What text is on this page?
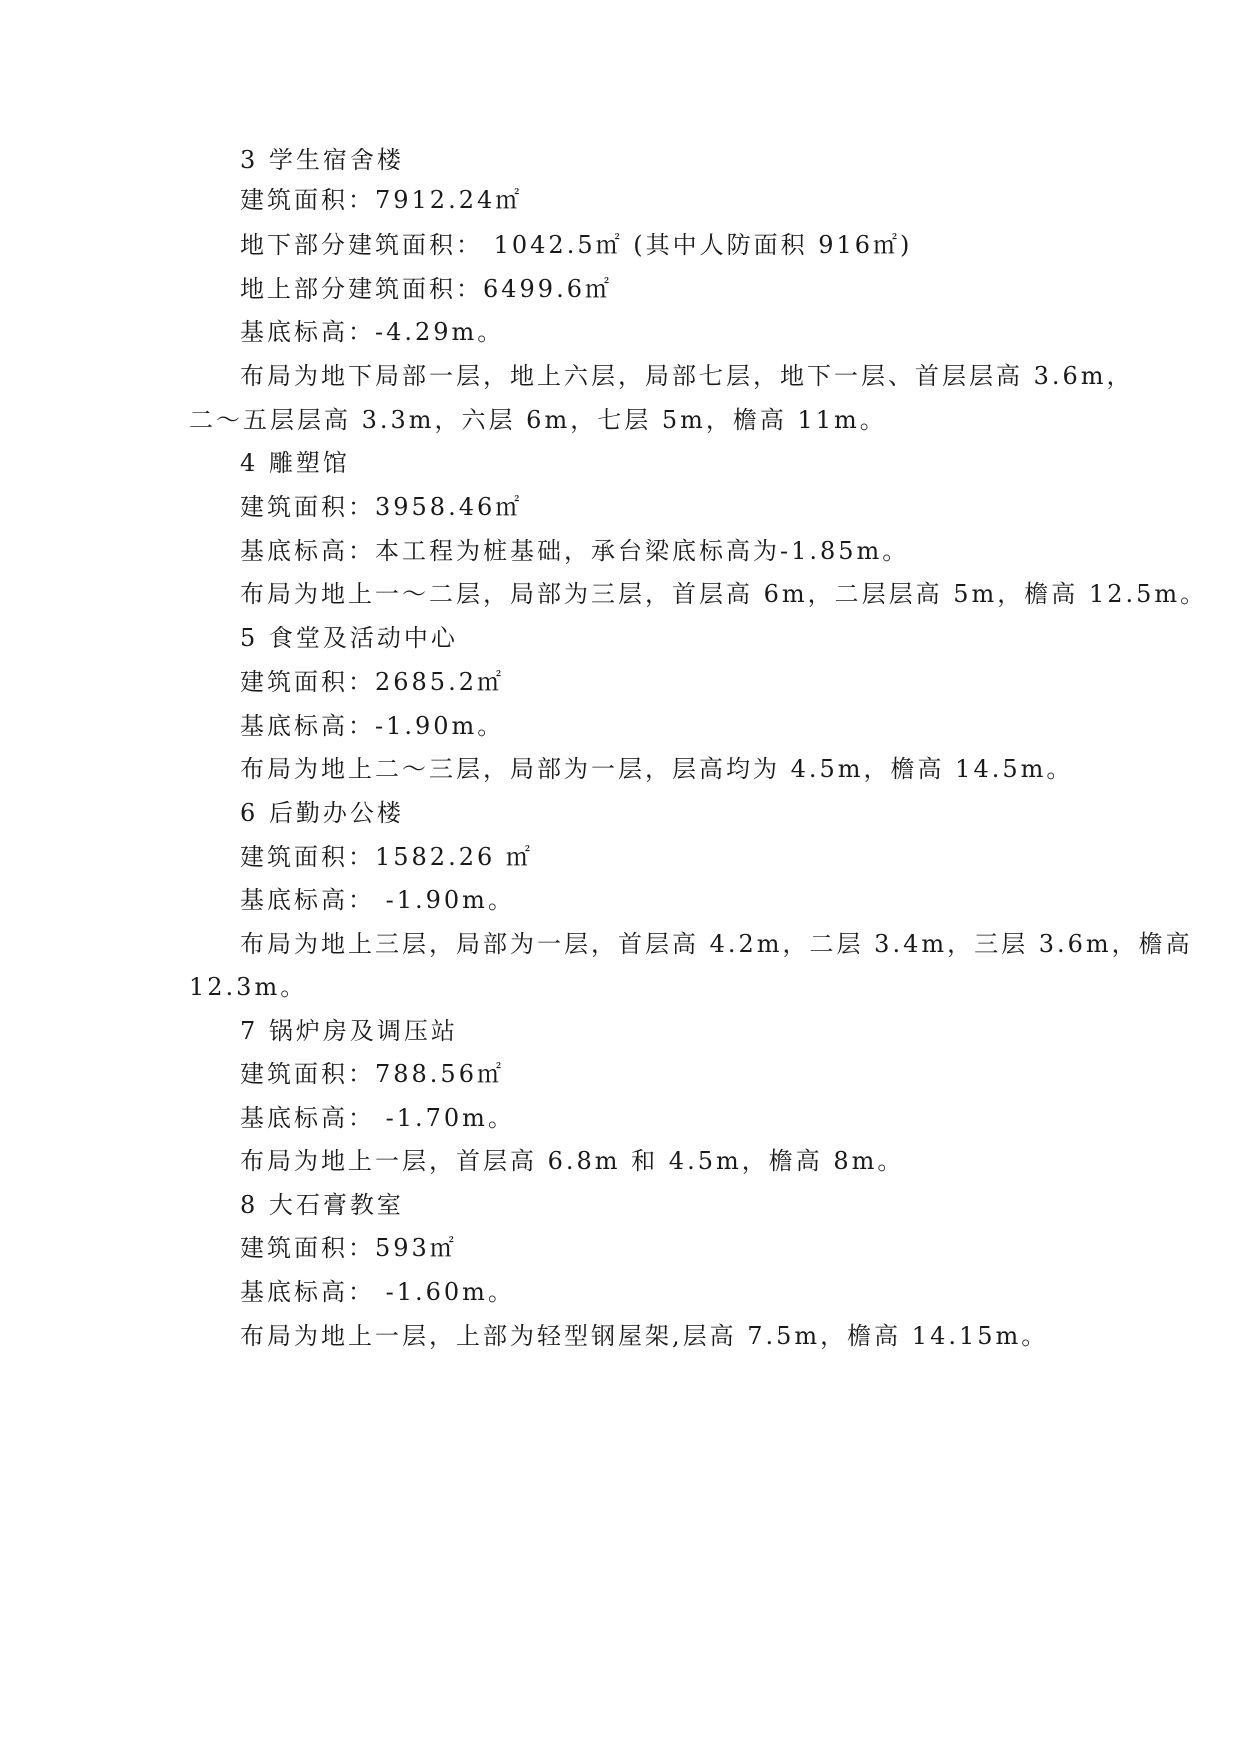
3 学生宿舍楼
建筑面积：7912.24㎡
地下部分建筑面积： 1042.5㎡ (其中人防面积 916㎡)
地上部分建筑面积：6499.6㎡
基底标高：-4.29m。
布局为地下局部一层，地上六层，局部七层，地下一层、首层层高 3.6m，
二～五层层高 3.3m，六层 6m，七层 5m，檐高 11m。
4 雕塑馆
建筑面积：3958.46㎡
基底标高：本工程为桩基础，承台梁底标高为-1.85m。
布局为地上一～二层，局部为三层，首层高 6m，二层层高 5m，檐高 12.5m。
5 食堂及活动中心
建筑面积：2685.2㎡
基底标高：-1.90m。
布局为地上二～三层，局部为一层，层高均为 4.5m，檐高 14.5m。
6 后勤办公楼
建筑面积：1582.26 ㎡
基底标高： -1.90m。
布局为地上三层，局部为一层，首层高 4.2m，二层 3.4m，三层 3.6m，檐高
12.3m。
7 锅炉房及调压站
建筑面积：788.56㎡
基底标高： -1.70m。
布局为地上一层，首层高 6.8m 和 4.5m，檐高 8m。
8 大石膏教室
建筑面积：593㎡
基底标高： -1.60m。
布局为地上一层，上部为轻型钢屋架,层高 7.5m，檐高 14.15m。
